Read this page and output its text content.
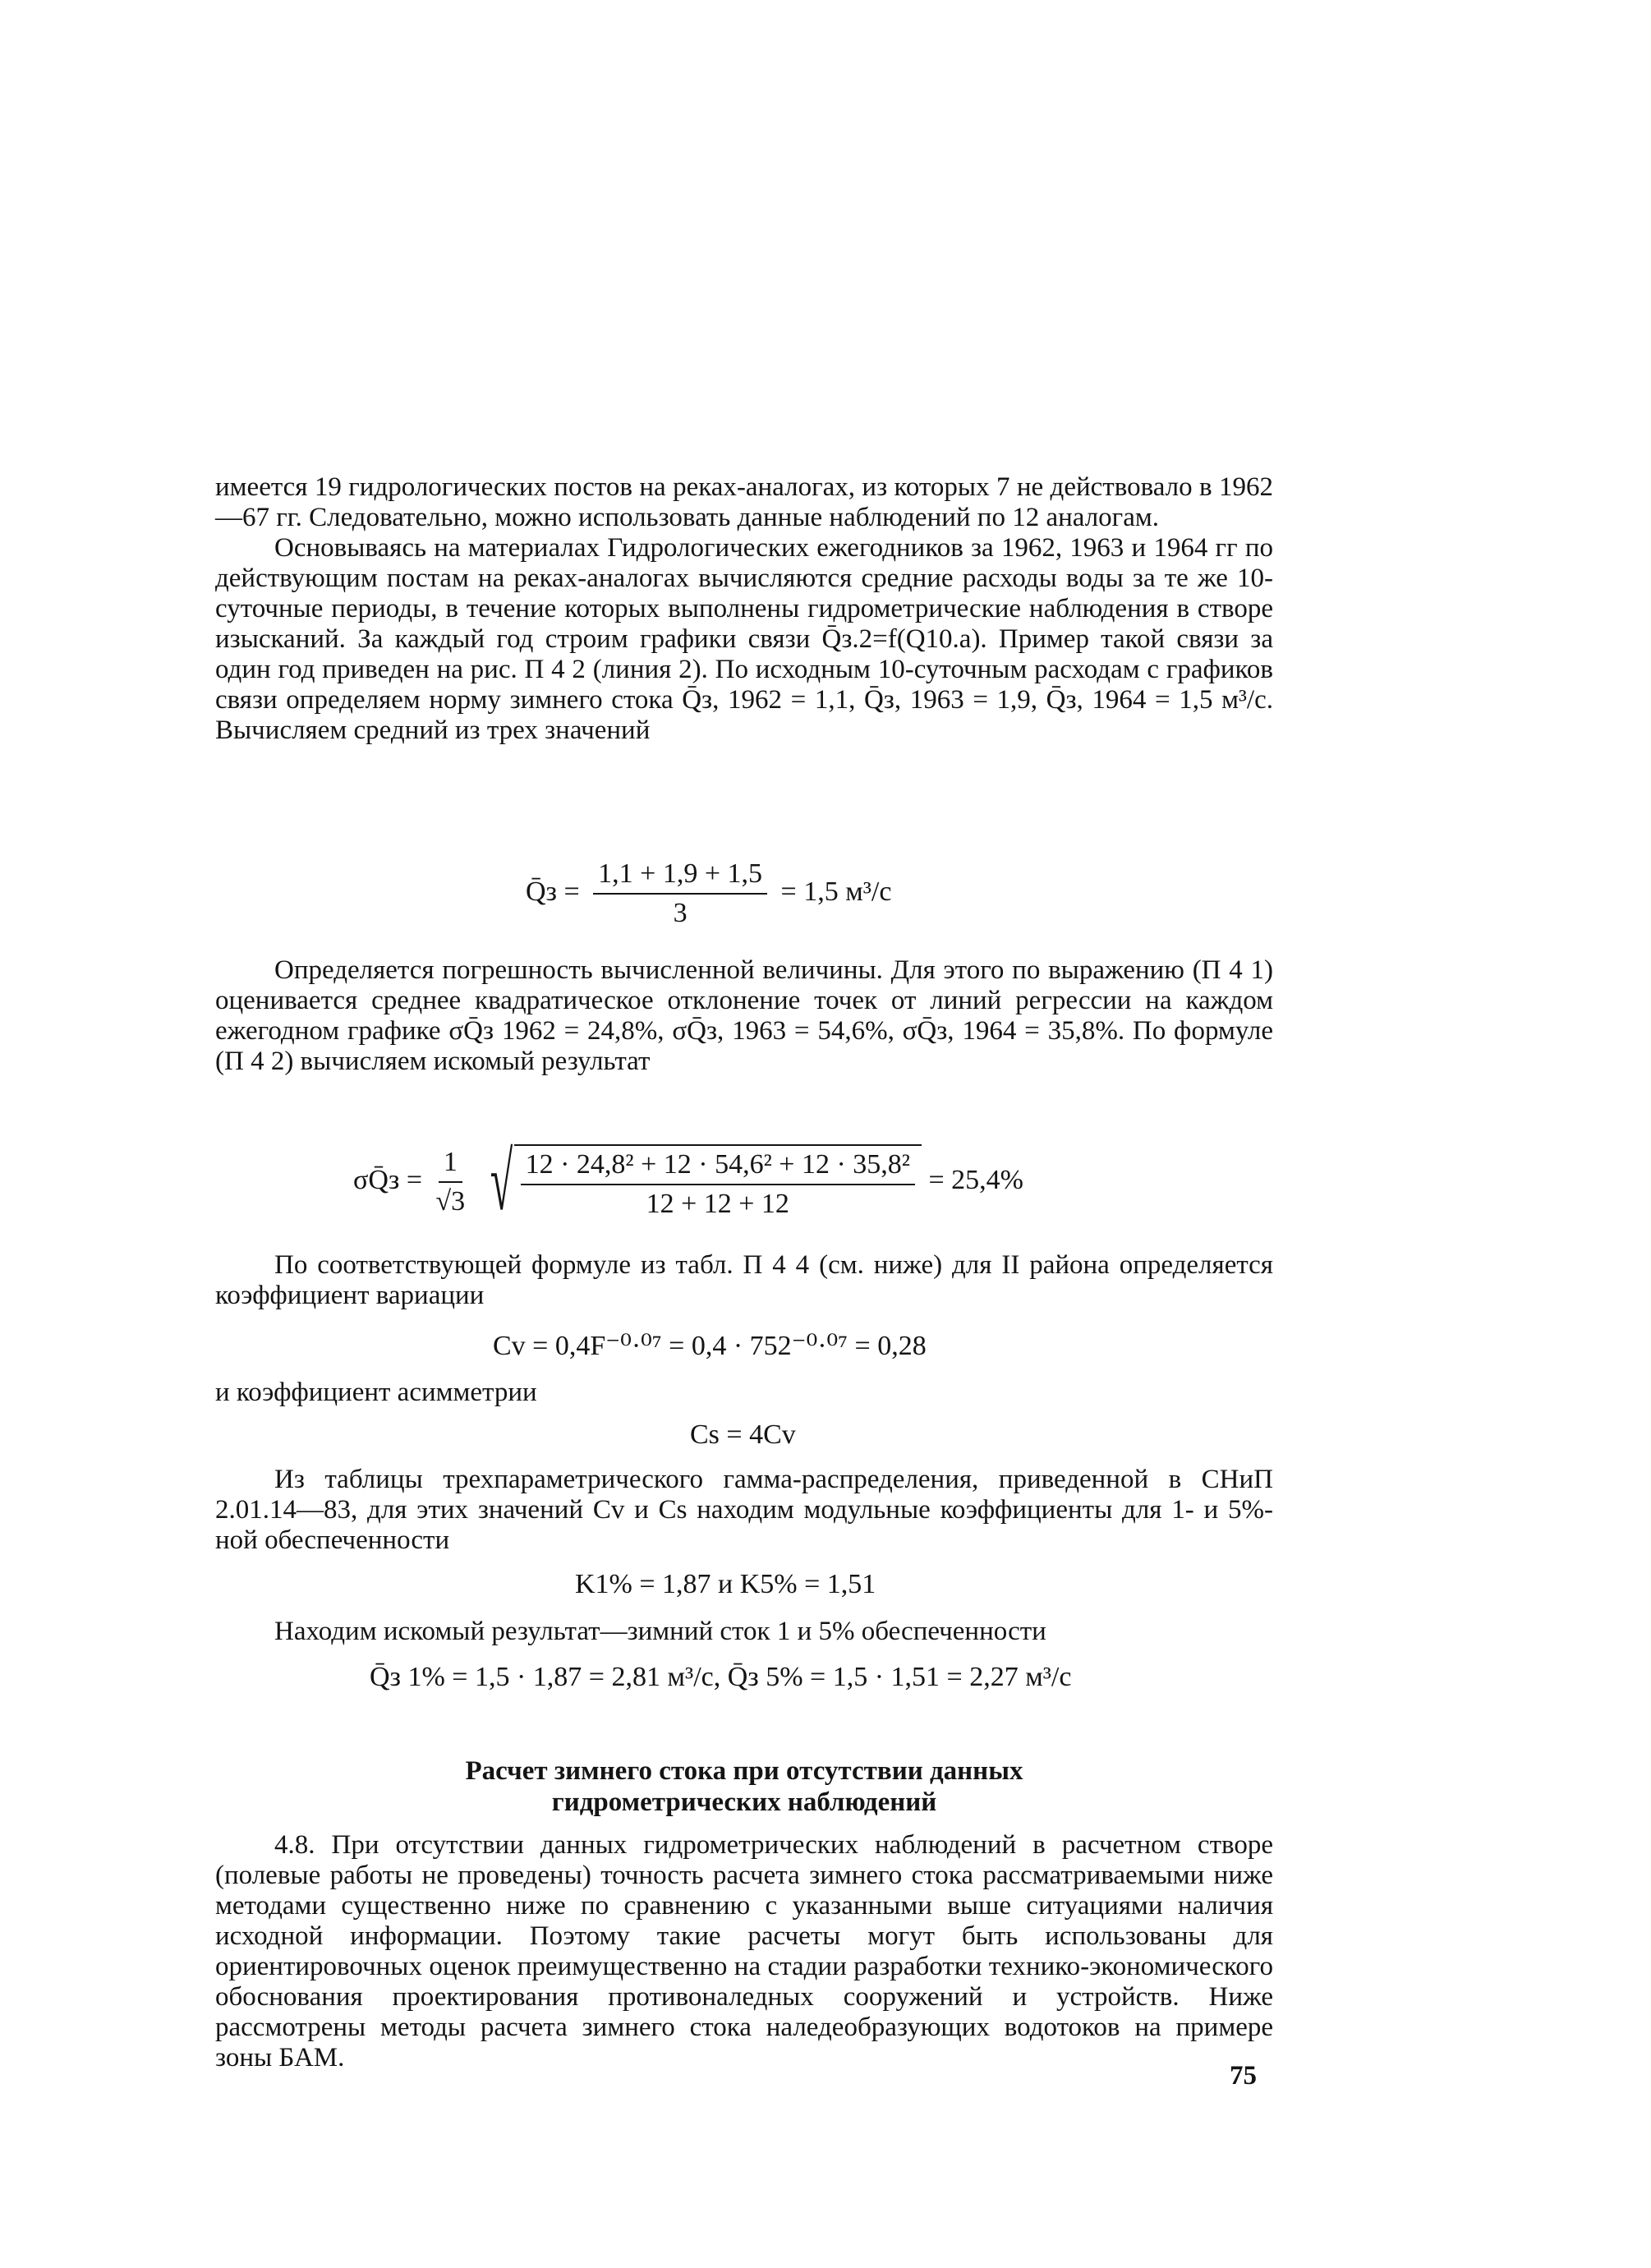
имеется 19 гидрологических постов на реках-аналогах, из которых 7 не действовало в 1962—67 гг. Следовательно, можно использовать данные наблюдений по 12 аналогам.

Основываясь на материалах Гидрологических ежегодников за 1962, 1963 и 1964 гг по действующим постам на реках-аналогах вычисляются средние расходы воды за те же 10-суточные периоды, в течение которых выполнены гидрометрические наблюдения в створе изысканий. За каждый год строим графики связи Q̄з.2=f(Q10.а). Пример такой связи за один год приведен на рис. П 4 2 (линия 2). По исходным 10-суточным расходам с графиков связи определяем норму зимнего стока Q̄з, 1962 = 1,1, Q̄з, 1963 = 1,9, Q̄з, 1964 = 1,5 м³/с. Вычисляем средний из трех значений

Q̄з = $\frac{1,1 + 1,9 + 1,5}{3} = 1,5$ м³/с

Определяется погрешность вычисленной величины. Для этого по выражению (П 4 1) оценивается среднее квадратическое отклонение точек от линий регрессии на каждом ежегодном графике σQ̄з 1962 = 24,8%, σQ̄з, 1963 = 54,6%, σQ̄з, 1964 = 35,8%. По формуле (П 4 2) вычисляем искомый результат

σQ̄з = $\frac{1}{√3}$
√ $\frac{\text{12 · 24,8² + 12 · 54,6² + 12 · 35,8²}}{12 + 12 + 12} = 25,4\%$

По соответствующей формуле из табл. П 4 4 (см. ниже) для II района определяется коэффициент вариации

Cv = 0,4F⁻⁰·⁰⁷ = 0,4 · 752⁻⁰·⁰⁷ = 0,28

и коэффициент асимметрии

Cs = 4Cv

Из таблицы трехпараметрического гамма-распределения, приведенной в СНиП 2.01.14—83, для этих значений Cv и Cs находим модульные коэффициенты для 1- и 5%-ной обеспеченности

K1% = 1,87 и K5% = 1,51

Находим искомый результат—зимний сток 1 и 5% обеспеченности

Q̄з 1% = 1,5 · 1,87 = 2,81 м³/с, Q̄з 5% = 1,5 · 1,51 = 2,27 м³/с
Расчет зимнего стока при отсутствии данных
гидрометрических наблюдений

4.8. При отсутствии данных гидрометрических наблюдений в расчетном створе (полевые работы не проведены) точность расчета зимнего стока рассматриваемыми ниже методами существенно ниже по сравнению с указанными выше ситуациями наличия исходной информации. Поэтому такие расчеты могут быть использованы для ориентировочных оценок преимущественно на стадии разработки технико-экономического обоснования проектирования противоналедных сооружений и устройств. Ниже рассмотрены методы расчета зимнего стока наледеобразующих водотоков на примере зоны БАМ.

75
